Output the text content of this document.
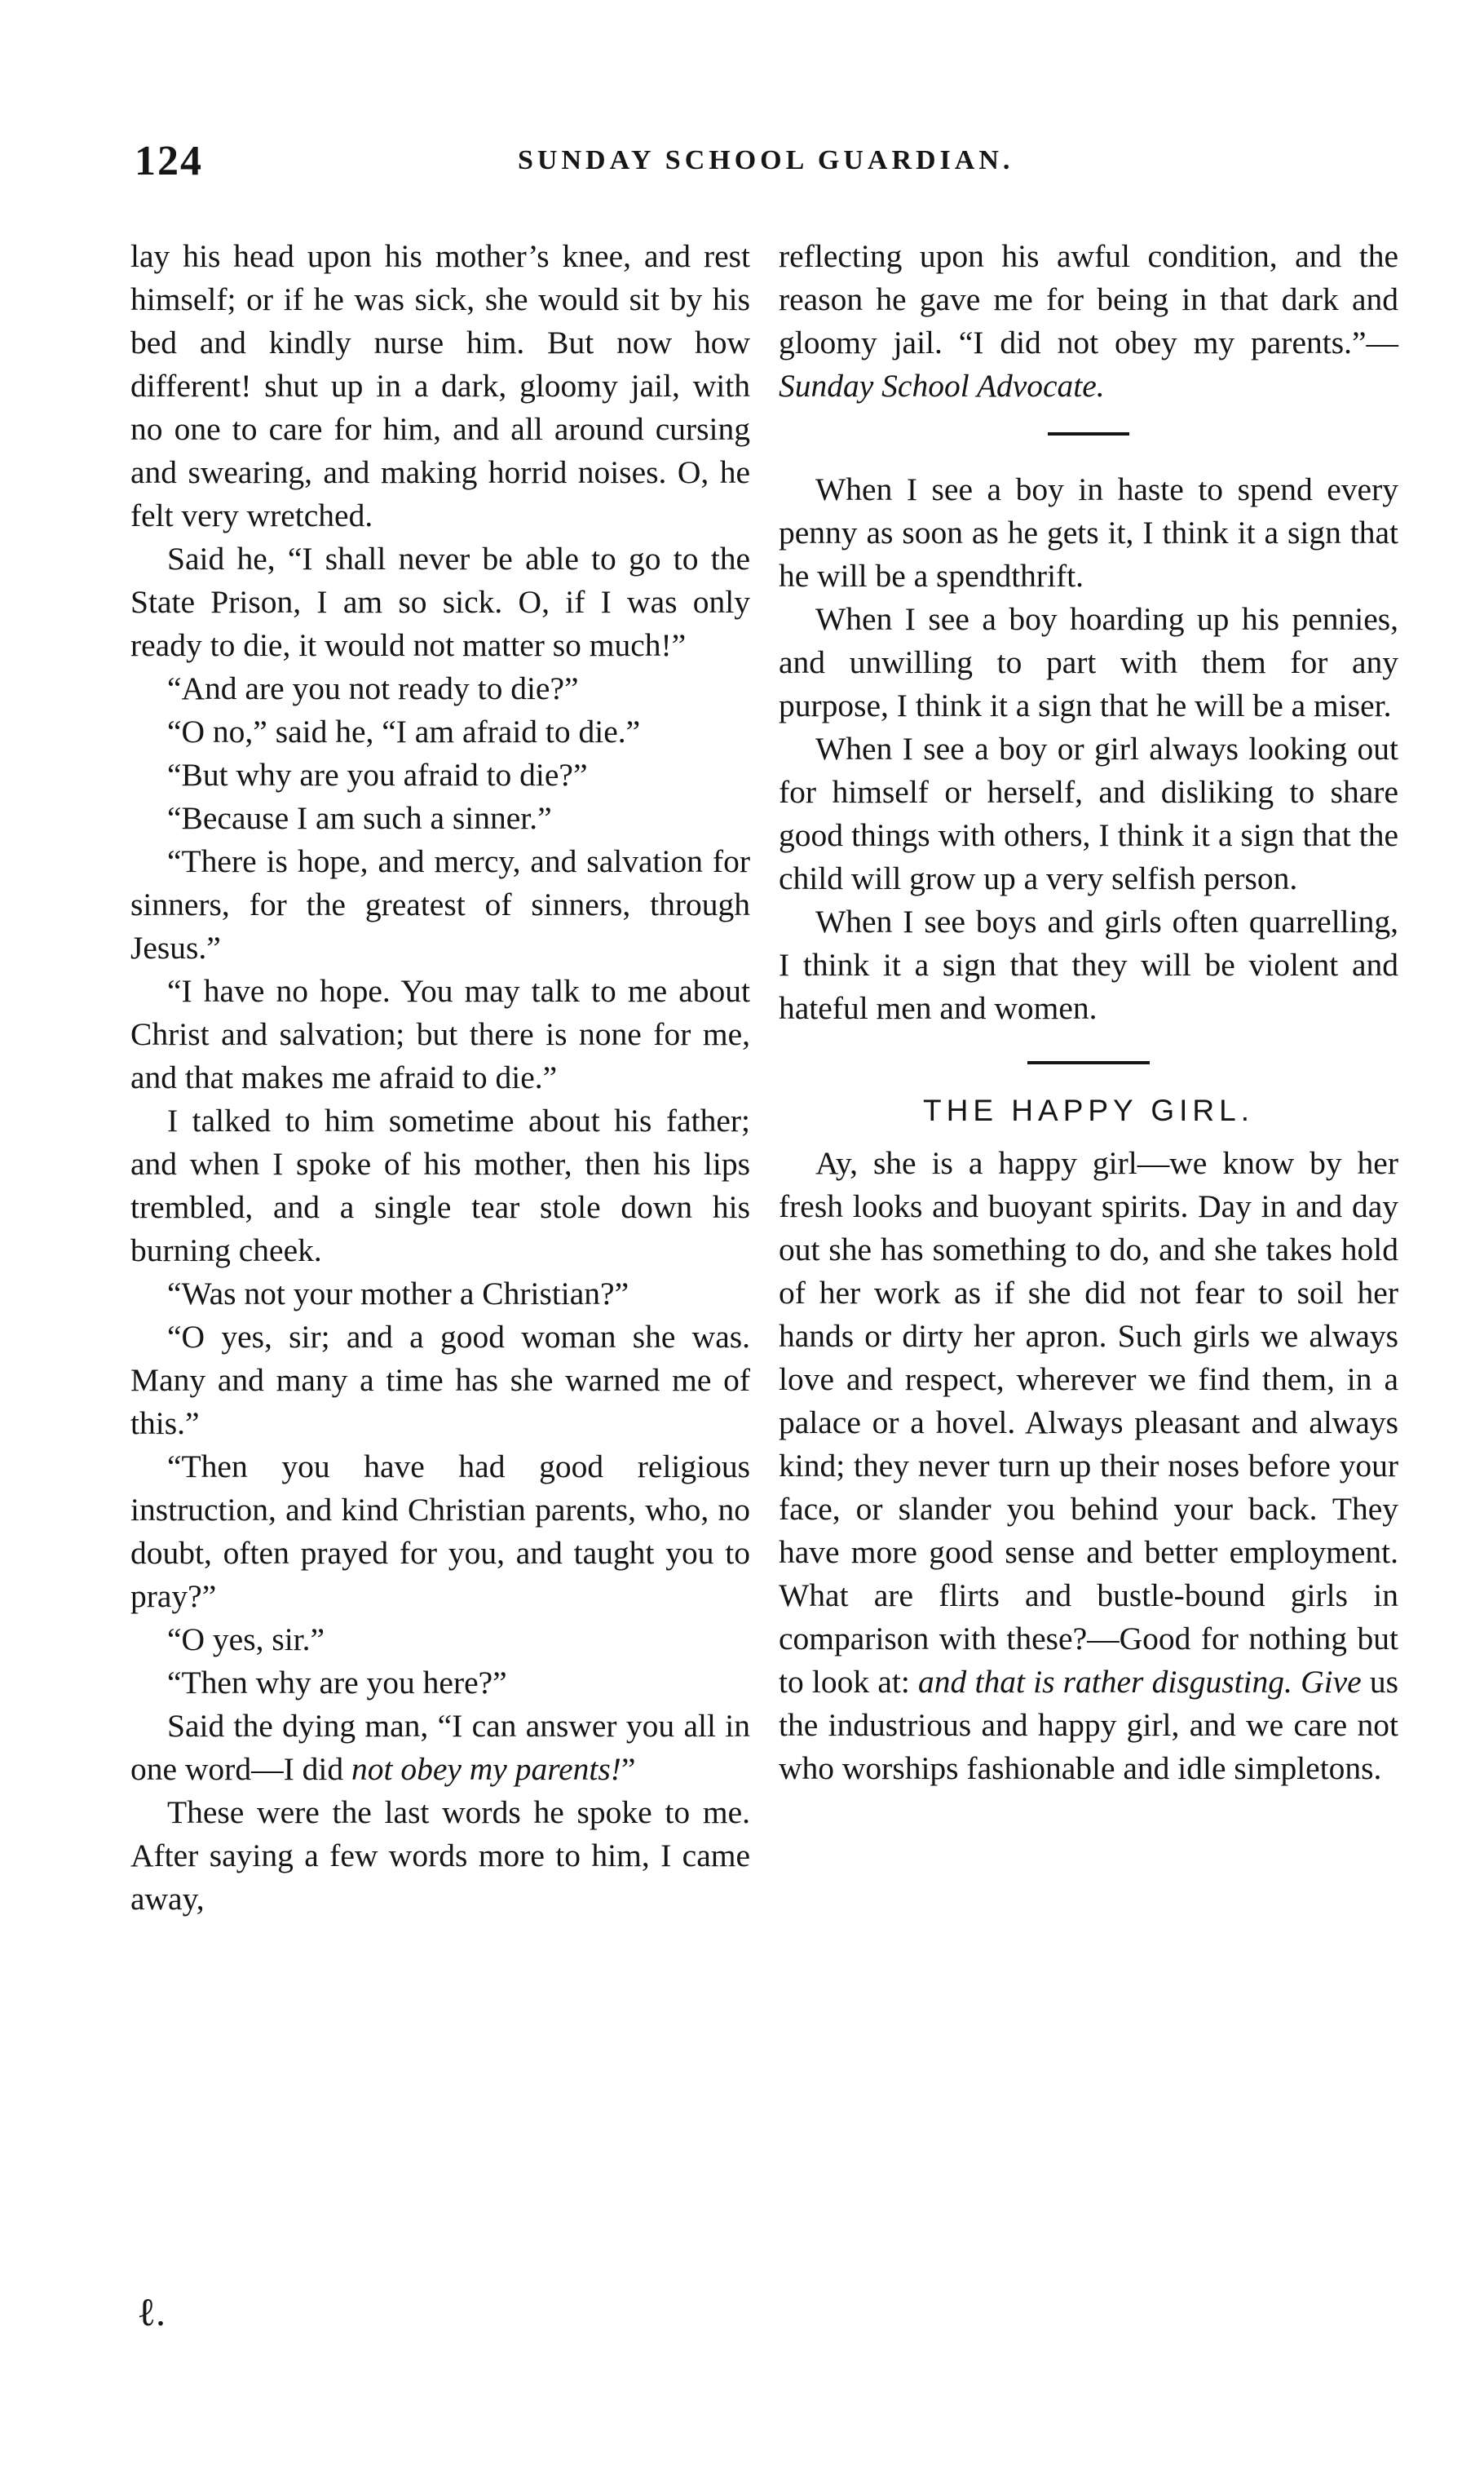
124	SUNDAY SCHOOL GUARDIAN.

lay his head upon his mother’s knee, and rest himself; or if he was sick, she would sit by his bed and kindly nurse him. But now how different! shut up in a dark, gloomy jail, with no one to care for him, and all around cursing and swearing, and making horrid noises. O, he felt very wretched.

Said he, “I shall never be able to go to the State Prison, I am so sick. O, if I was only ready to die, it would not matter so much!”

“And are you not ready to die?”

“O no,” said he, “I am afraid to die.”

“But why are you afraid to die?”

“Because I am such a sinner.”

“There is hope, and mercy, and salvation for sinners, for the greatest of sinners, through Jesus.”

“I have no hope. You may talk to me about Christ and salvation; but there is none for me, and that makes me afraid to die.”

I talked to him sometime about his father; and when I spoke of his mother, then his lips trembled, and a single tear stole down his burning cheek.

“Was not your mother a Christian?”

“O yes, sir; and a good woman she was. Many and many a time has she warned me of this.”

“Then you have had good religious instruction, and kind Christian parents, who, no doubt, often prayed for you, and taught you to pray?”

“O yes, sir.”

“Then why are you here?”

Said the dying man, “I can answer you all in one word—I did not obey my parents!”

These were the last words he spoke to me. After saying a few words more to him, I came away,

reflecting upon his awful condition, and the reason he gave me for being in that dark and gloomy jail. “I did not obey my parents.”— Sunday School Advocate.

When I see a boy in haste to spend every penny as soon as he gets it, I think it a sign that he will be a spendthrift.

When I see a boy hoarding up his pennies, and unwilling to part with them for any purpose, I think it a sign that he will be a miser.

When I see a boy or girl always looking out for himself or herself, and disliking to share good things with others, I think it a sign that the child will grow up a very selfish person.

When I see boys and girls often quarrelling, I think it a sign that they will be violent and hateful men and women.

THE HAPPY GIRL.

Ay, she is a happy girl—we know by her fresh looks and buoyant spirits. Day in and day out she has something to do, and she takes hold of her work as if she did not fear to soil her hands or dirty her apron. Such girls we always love and respect, wherever we find them, in a palace or a hovel. Always pleasant and always kind; they never turn up their noses before your face, or slander you behind your back. They have more good sense and better employment. What are flirts and bustle-bound girls in comparison with these?—Good for nothing but to look at: and that is rather disgusting. Give us the industrious and happy girl, and we care not who worships fashionable and idle simpletons.

ℓ.
